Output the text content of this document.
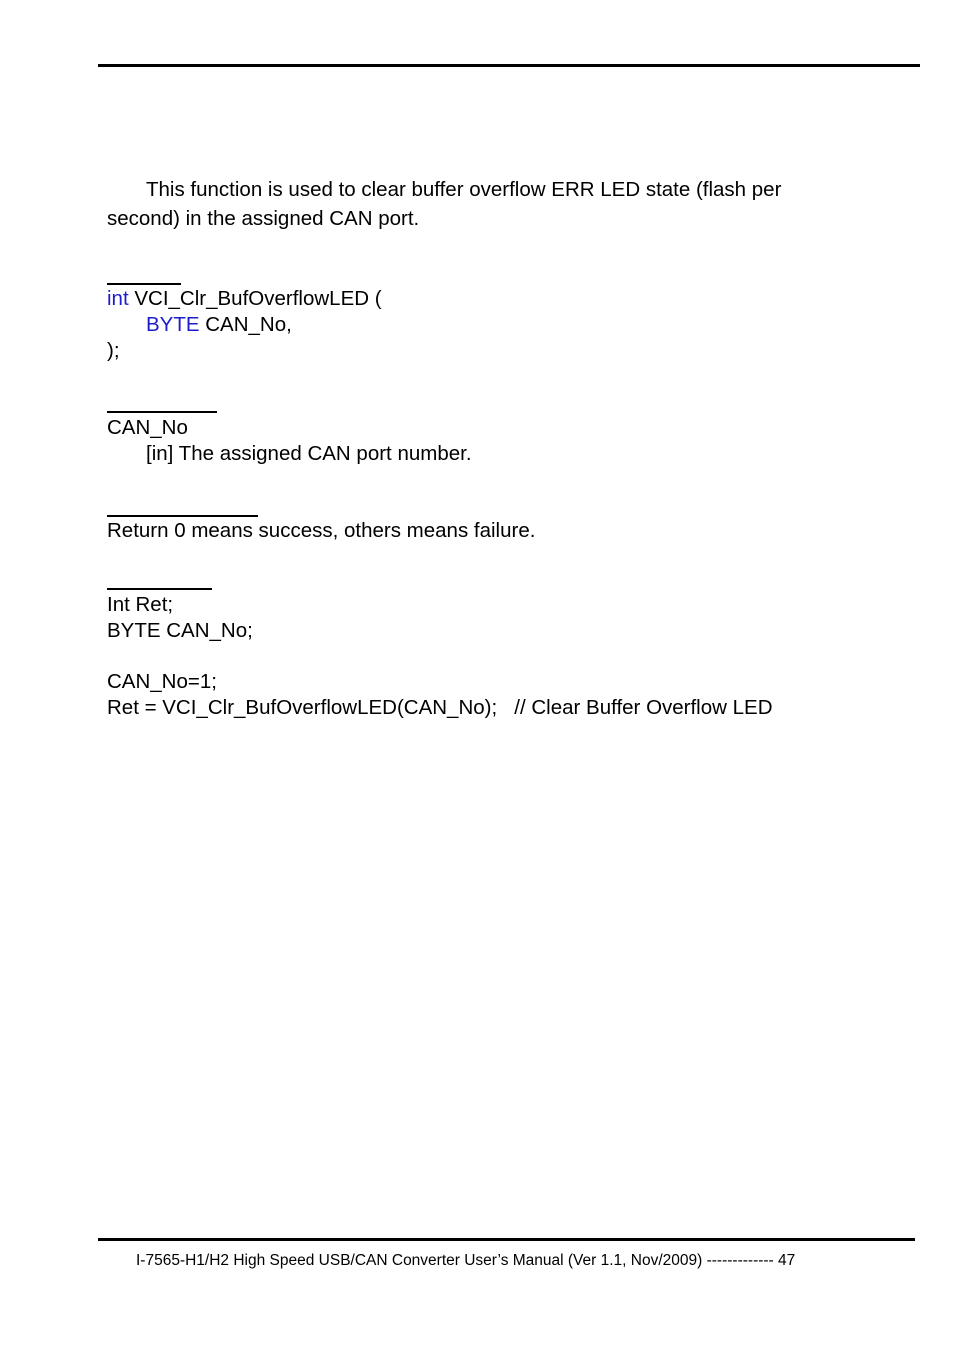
This function is used to clear buffer overflow ERR LED state (flash per

second) in the assigned CAN port.

int VCI_Clr_BufOverflowLED (

BYTE CAN_No,

);

CAN_No

[in] The assigned CAN port number.

Return 0 means success, others means failure.

Int Ret;

BYTE CAN_No;

CAN_No=1;

Ret = VCI_Clr_BufOverflowLED(CAN_No);   // Clear Buffer Overflow LED

I-7565-H1/H2 High Speed USB/CAN Converter User’s Manual (Ver 1.1, Nov/2009) ------------- 47
